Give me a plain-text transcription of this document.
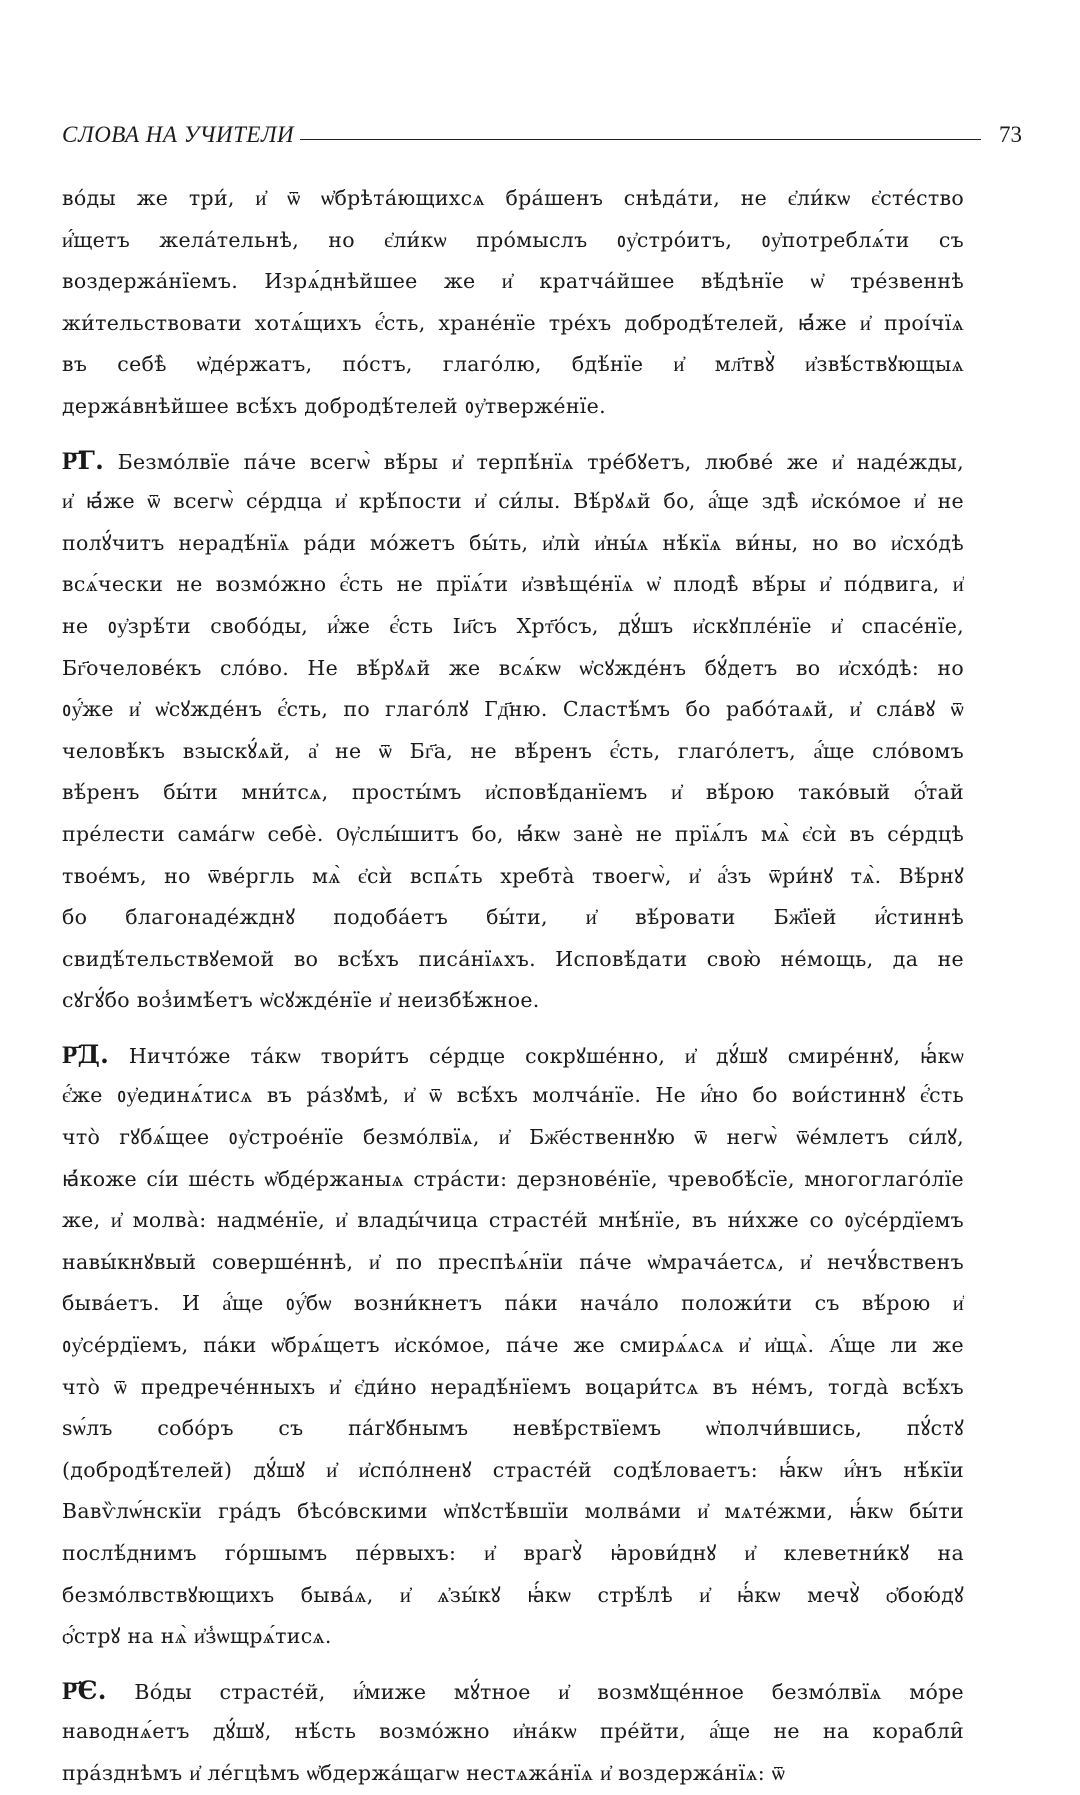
СЛОВА НА УЧИТЕЛИ	73
во́ды же три́, и҆ ѿ ѡ҆брѣта́ющихсѧ бра́шенъ снѣда́ти, не є҆ли́кѡ є҆сте́ство
и҆́щетъ жела́тельнѣ, но є҆ли́кѡ про́мыслъ ᲂу҆стро́итъ, ᲂу҆потреблѧ́ти съ
воздержа́нїемъ. Изрѧ́днѣйшее же и҆ кратча́йшее вѣ́дѣнїе ѡ҆ тре́звеннѣ
жи́тельствовати хотѧ́щихъ є҆́сть, хране́нїе тре́хъ добродѣ́телей, ꙗ҆́же и҆ проі́чїѧ
въ себѣ̀ ѡ҆де́ржатъ, по́стъ, глаго́лю, бдѣ́нїе и҆ мл҃твꙋ̀ и҆звѣ́ствꙋющыѧ
держа́внѣйшее всѣ́хъ добродѣ́телей ᲂу҆тверже́нїе.
Р҃Г. Безмо́лвїе па́че всегѡ̀ вѣ́ры и҆ терпѣ́нїѧ тре́бꙋетъ, любве́ же и҆ наде́жды,
и҆ ꙗ҆́же ѿ всегѡ̀ се́рдца и҆ крѣ́пости и҆ си́лы. Вѣ́рꙋѧй бо, а҆́ще здѣ̀ и҆ско́мое и҆ не
полꙋ́читъ нерадѣ́нїѧ ра́ди мо́жетъ бы́ть, и҆лѝ и҆ны́ѧ нѣ́кїѧ ви́ны, но во и҆схо́дѣ
всѧ́чески не возмо́жно є҆́сть не прїѧ́ти и҆звѣще́нїѧ ѡ҆ плодѣ̀ вѣ́ры и҆ по́двига, и҆
не ᲂу҆зрѣ́ти свобо́ды, и҆́же є҆́сть Іи҃съ Хрт҃о́съ, дꙋ́шъ и҆скꙋпле́нїе и҆ спасе́нїе,
Бг҃очелове́къ сло́во. Не вѣ́рꙋѧй же всѧ́кѡ ѡ҆сꙋжде́нъ бꙋ́детъ во и҆схо́дѣ: но
ᲂу҆́же и҆ ѡ҆сꙋжде́нъ є҆́сть, по глаго́лꙋ Гд҃ню. Сластѣ́мъ бо рабо́таѧй, и҆ сла́вꙋ ѿ
человѣ́къ взыскꙋ́ѧй, а҆ не ѿ Бг҃а, не вѣ́ренъ є҆́сть, глаго́летъ, а҆́ще сло́вомъ
вѣ́ренъ бы́ти мни́тсѧ, просты́мъ и҆сповѣ́данїемъ и҆ вѣ́рою тако́вый ѻ҆́тай
пре́лести сама́гѡ себѐ. Ѹ҆слы́шитъ бо, ꙗ҆́кѡ занѐ не прїѧ́лъ мѧ̀ є҆сѝ въ се́рдцѣ
твое́мъ, но ѿве́ргль мѧ̀ є҆сѝ вспѧ́ть хребта̀ твоегѡ̀, и҆ а҆́зъ ѿри́нꙋ тѧ̀. Вѣ́рнꙋ
бо благонаде́жднꙋ подоба́етъ бы́ти, и҆ вѣ́ровати Бж҃їей и҆́стиннѣ
свидѣ́тельствꙋемой во всѣ́хъ писа́нїѧхъ. Исповѣ́дати свою̀ не́мощь, да не
сꙋгꙋ́бо воз̾имѣ́етъ ѡ҆сꙋжде́нїе и҆ неизбѣ́жное.
Р҃Д. Ничто́же та́кѡ твори́тъ се́рдце сокрꙋше́нно, и҆ дꙋ́шꙋ смире́ннꙋ, ꙗ҆́кѡ
є҆́же ᲂу҆единѧ́тисѧ въ ра́зꙋмѣ, и҆ ѿ всѣ́хъ молча́нїе. Не и҆́но бо вои́стиннꙋ є҆́сть
что̀ гꙋбѧ́щее ᲂу҆строе́нїе безмо́лвїѧ, и҆ Бж҃е́ственнꙋю ѿ негѡ̀ ѿе́млетъ си́лꙋ,
ꙗ҆́коже сі́и ше́сть ѡ҆бде́ржаныѧ стра́сти: дерзнове́нїе, чревобѣ́сїе, многоглаго́лїе
же, и҆ молва̀: надме́нїе, и҆ влады́чица страсте́й мнѣ́нїе, въ ни́хже со ᲂу҆се́рдїемъ
навы́кнꙋвый соверше́ннѣ, и҆ по преспѣѧ́нїи па́че ѡ҆мрача́етсѧ, и҆ нечꙋ́вственъ
быва́етъ. И а҆́ще ᲂу҆́бѡ возни́кнетъ па́ки нача́ло положи́ти съ вѣ́рою и҆
ᲂу҆се́рдїемъ, па́ки ѡ҆брѧ́щетъ и҆ско́мое, па́че же смирѧ́ѧсѧ и҆ и҆щѧ̀. А҆́ще ли же
что̀ ѿ предрече́нныхъ и҆ є҆ди́но нерадѣ́нїемъ воцари́тсѧ въ не́мъ, тогда̀ всѣ́хъ
ѕѡ́лъ собо́ръ съ па́гꙋбнымъ невѣ́рствїемъ ѡ҆полчи́вшись, пꙋ́стꙋ
(добродѣ́телей) дꙋ́шꙋ и҆ и҆спо́лненꙋ страсте́й содѣ́ловаетъ: ꙗ҆́кѡ и҆́нъ нѣ́кїи
Вавѷлѡ́нскїи гра́дъ бѣсо́вскими ѡ҆пꙋстѣ́вшїи молва́ми и҆ мѧте́жми, ꙗ҆́кѡ бы́ти
послѣ́днимъ го́ршымъ пе́рвыхъ: и҆ врагꙋ̀ ꙗ҆рови́днꙋ и҆ клеветни́кꙋ на
безмо́лвствꙋющихъ быва́ѧ, и҆ ѧ҆зы́кꙋ ꙗ҆́кѡ стрѣ́лѣ и҆ ꙗ҆́кѡ мечꙋ̀ ѻ҆бою́дꙋ
ѻ҆́стрꙋ на нѧ̀ и҆з̾ѡщрѧ́тисѧ.
Р҃Є. Во́ды страсте́й, и҆́миже мꙋ́тное и҆ возмꙋще́нное безмо́лвїѧ мо́ре
наводнѧ́етъ дꙋ́шꙋ, нѣ́сть возмо́жно и҆на́кѡ пре́йти, а҆́ще не на корабли̑
пра́зднѣмъ и҆ ле́гцѣмъ ѡ҆бдержа́щагѡ нестѧжа́нїѧ и҆ воздержа́нїѧ: ѿ
